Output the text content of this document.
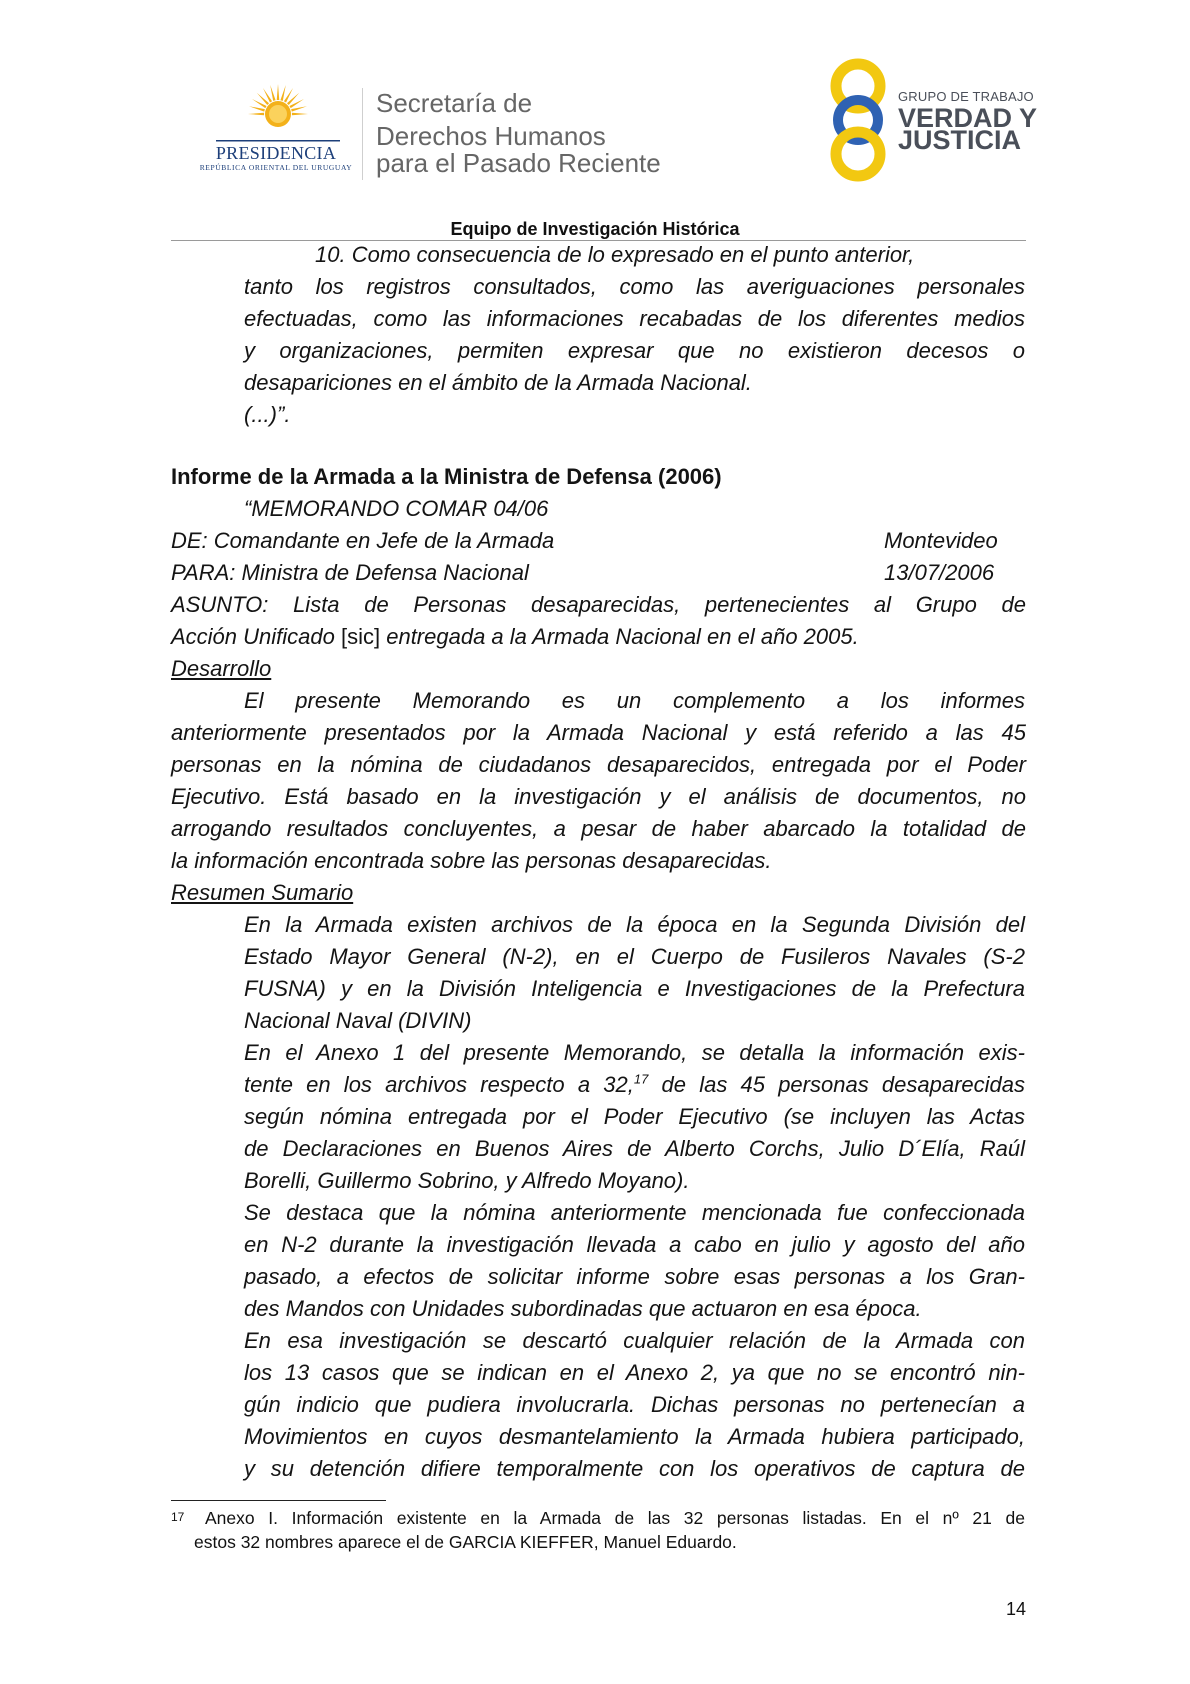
PRESIDENCIA
REPÚBLICA ORIENTAL DEL URUGUAY
Secretaría de
Derechos Humanos
para el Pasado Reciente
GRUPO DE TRABAJO
VERDAD Y
JUSTICIA
Equipo de Investigación Histórica
10. Como consecuencia de lo expresado en el punto anterior,
tanto los registros consultados, como las averiguaciones personales
efectuadas, como las informaciones recabadas de los diferentes medios
y organizaciones, permiten expresar que no existieron decesos o
desapariciones en el ámbito de la Armada Nacional.
(...)”.
Informe de la Armada a la Ministra de Defensa (2006)
“MEMORANDO COMAR 04/06
DE: Comandante en Jefe de la Armada	Montevideo
PARA: Ministra de Defensa Nacional	13/07/2006
ASUNTO: Lista de Personas desaparecidas, pertenecientes al Grupo de
Acción Unificado [sic] entregada a la Armada Nacional en el año 2005.
Desarrollo
El presente Memorando es un complemento a los informes
anteriormente presentados por la Armada Nacional y está referido a las 45
personas en la nómina de ciudadanos desaparecidos, entregada por el Poder
Ejecutivo. Está basado en la investigación y el análisis de documentos, no
arrogando resultados concluyentes, a pesar de haber abarcado la totalidad de
la información encontrada sobre las personas desaparecidas.
Resumen Sumario
En la Armada existen archivos de la época en la Segunda División del
Estado Mayor General (N-2), en el Cuerpo de Fusileros Navales (S-2
FUSNA) y en la División Inteligencia e Investigaciones de la Prefectura
Nacional Naval (DIVIN)
En el Anexo 1 del presente Memorando, se detalla la información exis-
tente en los archivos respecto a 32,17 de las 45 personas desaparecidas
según nómina entregada por el Poder Ejecutivo (se incluyen las Actas
de Declaraciones en Buenos Aires de Alberto Corchs, Julio D´Elía, Raúl
Borelli, Guillermo Sobrino, y Alfredo Moyano).
Se destaca que la nómina anteriormente mencionada fue confeccionada
en N-2 durante la investigación llevada a cabo en julio y agosto del año
pasado, a efectos de solicitar informe sobre esas personas a los Gran-
des Mandos con Unidades subordinadas que actuaron en esa época.
En esa investigación se descartó cualquier relación de la Armada con
los 13 casos que se indican en el Anexo 2, ya que no se encontró nin-
gún indicio que pudiera involucrarla. Dichas personas no pertenecían a
Movimientos en cuyos desmantelamiento la Armada hubiera participado,
y su detención difiere temporalmente con los operativos de captura de
17 Anexo I. Información existente en la Armada de las 32 personas listadas. En el nº 21 de
estos 32 nombres aparece el de GARCIA KIEFFER, Manuel Eduardo.
14
